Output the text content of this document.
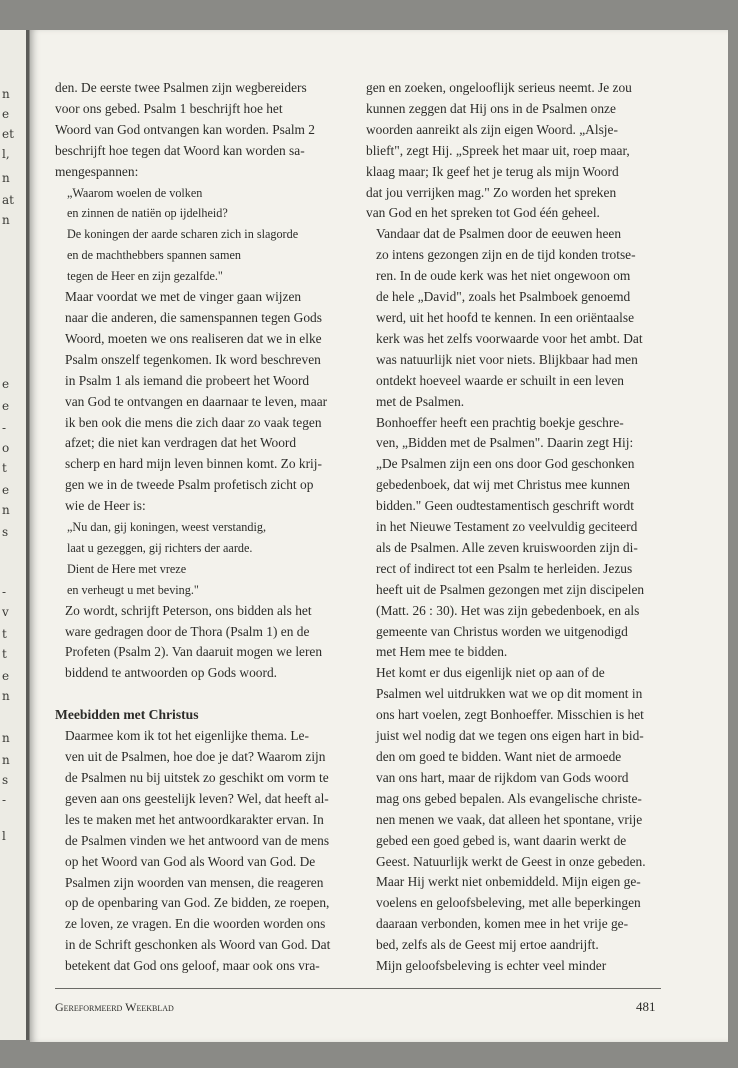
n
e
et
l,
n
at
n
e
e
-
o
t
e
n
s
-
v
t
t
e
n
n
n
s
-
l
den. De eerste twee Psalmen zijn wegbereiders
voor ons gebed. Psalm 1 beschrijft hoe het
Woord van God ontvangen kan worden. Psalm 2
beschrijft hoe tegen dat Woord kan worden sa-
mengespannen:
„Waarom woelen de volken
en zinnen de natiën op ijdelheid?
De koningen der aarde scharen zich in slagorde
en de machthebbers spannen samen
tegen de Heer en zijn gezalfde."
Maar voordat we met de vinger gaan wijzen
naar die anderen, die samenspannen tegen Gods
Woord, moeten we ons realiseren dat we in elke
Psalm onszelf tegenkomen. Ik word beschreven
in Psalm 1 als iemand die probeert het Woord
van God te ontvangen en daarnaar te leven, maar
ik ben ook die mens die zich daar zo vaak tegen
afzet; die niet kan verdragen dat het Woord
scherp en hard mijn leven binnen komt. Zo krij-
gen we in de tweede Psalm profetisch zicht op
wie de Heer is:
„Nu dan, gij koningen, weest verstandig,
laat u gezeggen, gij richters der aarde.
Dient de Here met vreze
en verheugt u met beving."
Zo wordt, schrijft Peterson, ons bidden als het
ware gedragen door de Thora (Psalm 1) en de
Profeten (Psalm 2). Van daaruit mogen we leren
biddend te antwoorden op Gods woord.
Meebidden met Christus
Daarmee kom ik tot het eigenlijke thema. Le-
ven uit de Psalmen, hoe doe je dat? Waarom zijn
de Psalmen nu bij uitstek zo geschikt om vorm te
geven aan ons geestelijk leven? Wel, dat heeft al-
les te maken met het antwoordkarakter ervan. In
de Psalmen vinden we het antwoord van de mens
op het Woord van God als Woord van God. De
Psalmen zijn woorden van mensen, die reageren
op de openbaring van God. Ze bidden, ze roepen,
ze loven, ze vragen. En die woorden worden ons
in de Schrift geschonken als Woord van God. Dat
betekent dat God ons geloof, maar ook ons vra-
gen en zoeken, ongelooflijk serieus neemt. Je zou
kunnen zeggen dat Hij ons in de Psalmen onze
woorden aanreikt als zijn eigen Woord. „Alsje-
blieft", zegt Hij. „Spreek het maar uit, roep maar,
klaag maar; Ik geef het je terug als mijn Woord
dat jou verrijken mag." Zo worden het spreken
van God en het spreken tot God één geheel.
Vandaar dat de Psalmen door de eeuwen heen
zo intens gezongen zijn en de tijd konden trotse-
ren. In de oude kerk was het niet ongewoon om
de hele „David", zoals het Psalmboek genoemd
werd, uit het hoofd te kennen. In een oriëntaalse
kerk was het zelfs voorwaarde voor het ambt. Dat
was natuurlijk niet voor niets. Blijkbaar had men
ontdekt hoeveel waarde er schuilt in een leven
met de Psalmen.
Bonhoeffer heeft een prachtig boekje geschre-
ven, „Bidden met de Psalmen". Daarin zegt Hij:
„De Psalmen zijn een ons door God geschonken
gebedenboek, dat wij met Christus mee kunnen
bidden." Geen oudtestamentisch geschrift wordt
in het Nieuwe Testament zo veelvuldig geciteerd
als de Psalmen. Alle zeven kruiswoorden zijn di-
rect of indirect tot een Psalm te herleiden. Jezus
heeft uit de Psalmen gezongen met zijn discipelen
(Matt. 26 : 30). Het was zijn gebedenboek, en als
gemeente van Christus worden we uitgenodigd
met Hem mee te bidden.
Het komt er dus eigenlijk niet op aan of de
Psalmen wel uitdrukken wat we op dit moment in
ons hart voelen, zegt Bonhoeffer. Misschien is het
juist wel nodig dat we tegen ons eigen hart in bid-
den om goed te bidden. Want niet de armoede
van ons hart, maar de rijkdom van Gods woord
mag ons gebed bepalen. Als evangelische christe-
nen menen we vaak, dat alleen het spontane, vrije
gebed een goed gebed is, want daarin werkt de
Geest. Natuurlijk werkt de Geest in onze gebeden.
Maar Hij werkt niet onbemiddeld. Mijn eigen ge-
voelens en geloofsbeleving, met alle beperkingen
daaraan verbonden, komen mee in het vrije ge-
bed, zelfs als de Geest mij ertoe aandrijft.
Mijn geloofsbeleving is echter veel minder
Gereformeerd Weekblad	481
